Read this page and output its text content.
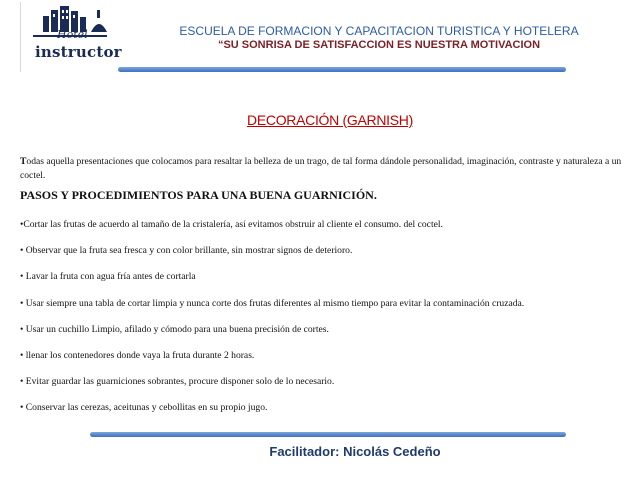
Hotel
instructor
ESCUELA DE FORMACION Y CAPACITACION TURISTICA Y HOTELERA
“SU SONRISA DE SATISFACCION ES NUESTRA MOTIVACION
DECORACIÓN (GARNISH)
Todas aquella presentaciones que colocamos para resaltar la belleza de un trago, de tal forma dándole personalidad, imaginación, contraste y naturaleza a un coctel.
PASOS Y PROCEDIMIENTOS PARA UNA BUENA GUARNICIÓN.
•Cortar las frutas de acuerdo al tamaño de la cristalería, así evitamos obstruir al cliente el consumo. del coctel.
• Observar que la fruta sea fresca y con color brillante, sin mostrar signos de deterioro.
• Lavar la fruta con agua fría antes de cortarla
• Usar siempre una tabla de cortar limpia y nunca corte dos frutas diferentes al mismo tiempo para evitar la contaminación cruzada.
• Usar un cuchillo Limpio, afilado y cómodo para una buena precisión de cortes.
• llenar los contenedores donde vaya la fruta durante 2 horas.
• Evitar guardar las guarniciones sobrantes, procure disponer solo de lo necesario.
• Conservar las cerezas, aceitunas y cebollitas en su propio jugo.
Facilitador: Nicolás Cedeño
